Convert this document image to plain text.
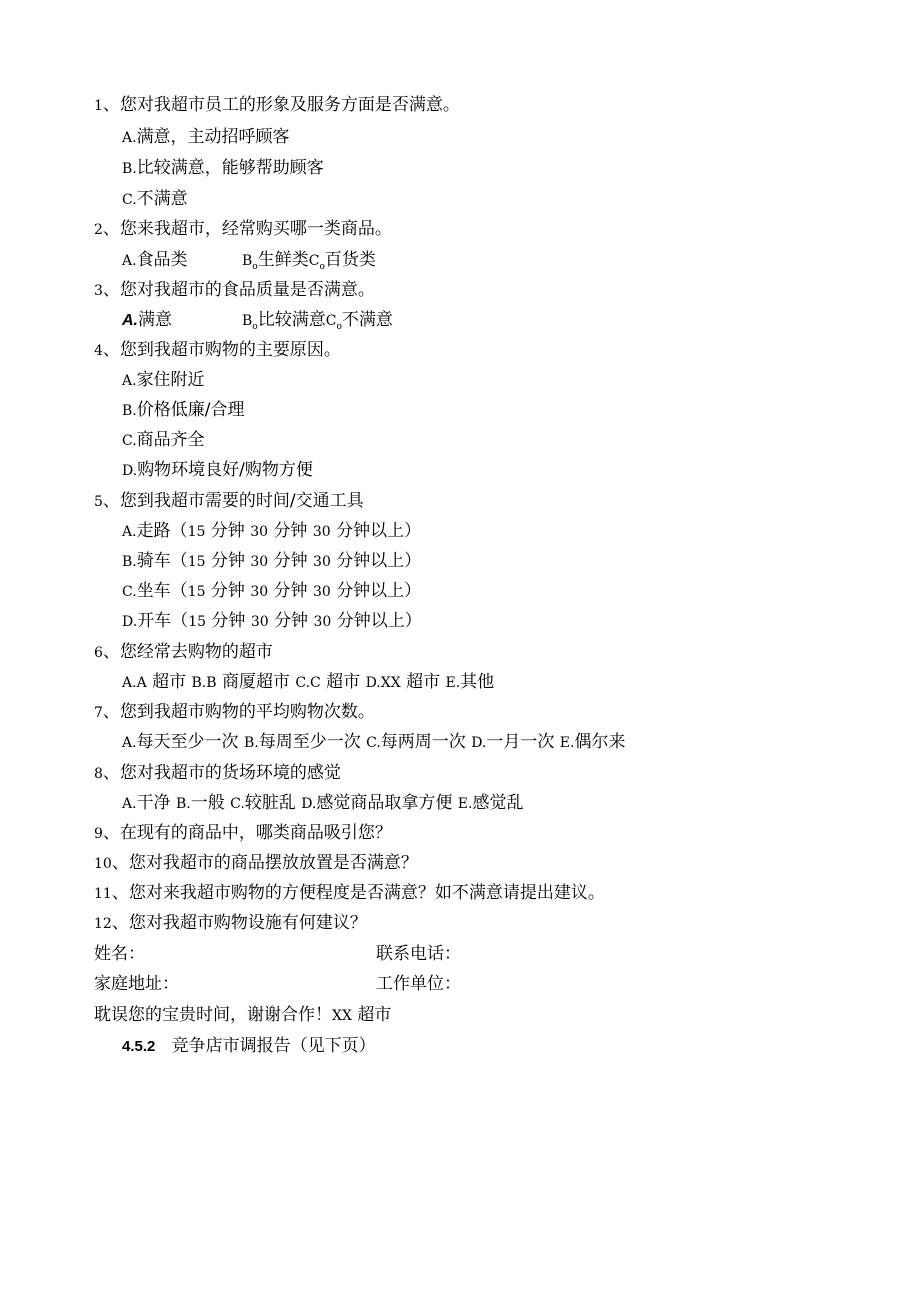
1、您对我超市员工的形象及服务方面是否满意。
A.满意，主动招呼顾客
B.比较满意，能够帮助顾客
C.不满意
2、您来我超市，经常购买哪一类商品。
A.食品类	$B_o$生鲜类$C_o$百货类
3、您对我超市的食品质量是否满意。
A.满意	$B_o$比较满意$C_o$不满意
4、您到我超市购物的主要原因。
A.家住附近
B.价格低廉/合理
C.商品齐全
D.购物环境良好/购物方便
5、您到我超市需要的时间/交通工具
A.走路（15 分钟 30 分钟 30 分钟以上）
B.骑车（15 分钟 30 分钟 30 分钟以上）
C.坐车（15 分钟 30 分钟 30 分钟以上）
D.开车（15 分钟 30 分钟 30 分钟以上）
6、您经常去购物的超市
A.A 超市 B.B 商厦超市 C.C 超市 D.XX 超市 E.其他
7、您到我超市购物的平均购物次数。
A.每天至少一次 B.每周至少一次 C.每两周一次 D.一月一次 E.偶尔来
8、您对我超市的货场环境的感觉
A.干净 B.一般 C.较脏乱 D.感觉商品取拿方便 E.感觉乱
9、在现有的商品中，哪类商品吸引您？
10、您对我超市的商品摆放放置是否满意？
11、您对来我超市购物的方便程度是否满意？如不满意请提出建议。
12、您对我超市购物设施有何建议？
姓名：	联系电话：
家庭地址：	工作单位：
耽误您的宝贵时间，谢谢合作！XX 超市
4.5.2 竞争店市调报告（见下页）
